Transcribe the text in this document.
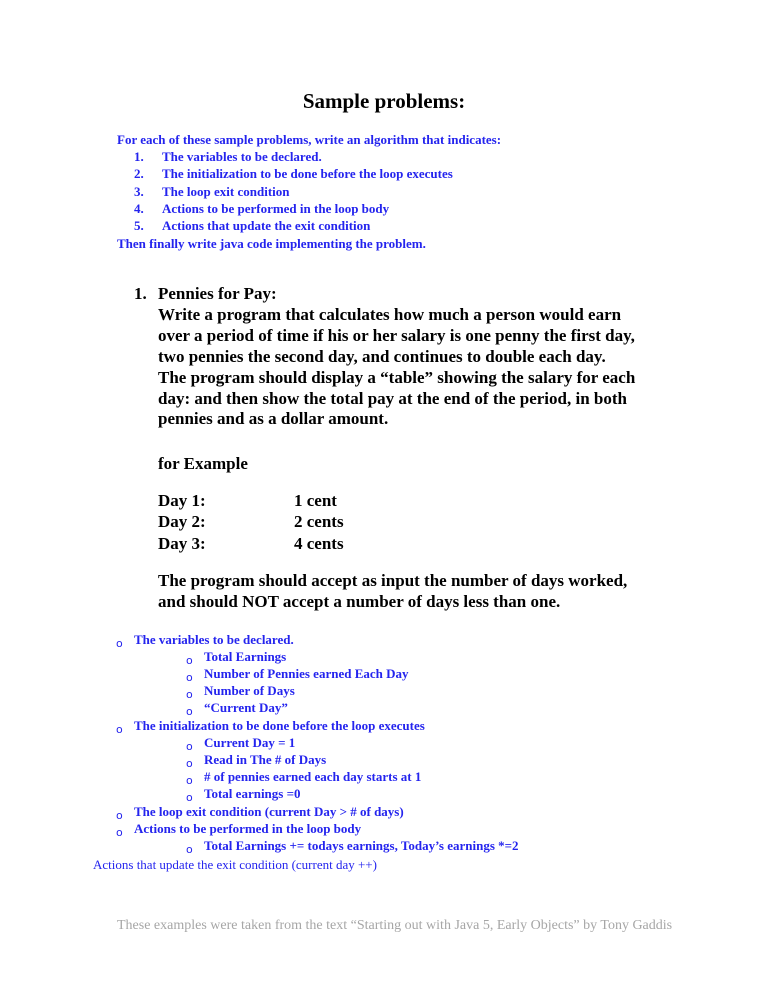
Sample problems:
For each of these sample problems, write an algorithm that indicates:
1.	The variables to be declared.
2.	The initialization to be done before the loop executes
3.	The loop exit condition
4.	Actions to be performed in the loop body
5.	Actions that update the exit condition
Then finally write java code implementing the problem.
1. Pennies for Pay:
Write a program that calculates how much a person would earn
over a period of time if his or her salary is one penny the first day,
two pennies the second day, and continues to double each day.
The program should display a “table” showing the salary for each
day: and then show the total pay at the end of the period, in both
pennies and as a dollar amount.
for Example
Day 1:	1 cent
Day 2:	2 cents
Day 3:	4 cents
The program should accept as input the number of days worked,
and should NOT accept a number of days less than one.
o The variables to be declared.
o Total Earnings
o Number of Pennies earned Each Day
o Number of Days
o “Current Day”
o The initialization to be done before the loop executes
o Current Day = 1
o Read in The # of Days
o # of pennies earned each day starts at 1
o Total earnings =0
o The loop exit condition (current Day > # of days)
o Actions to be performed in the loop body
o Total Earnings += todays earnings, Today’s earnings *=2
Actions that update the exit condition (current day ++)
These examples were taken from the text “Starting out with Java 5, Early Objects” by Tony Gaddis
